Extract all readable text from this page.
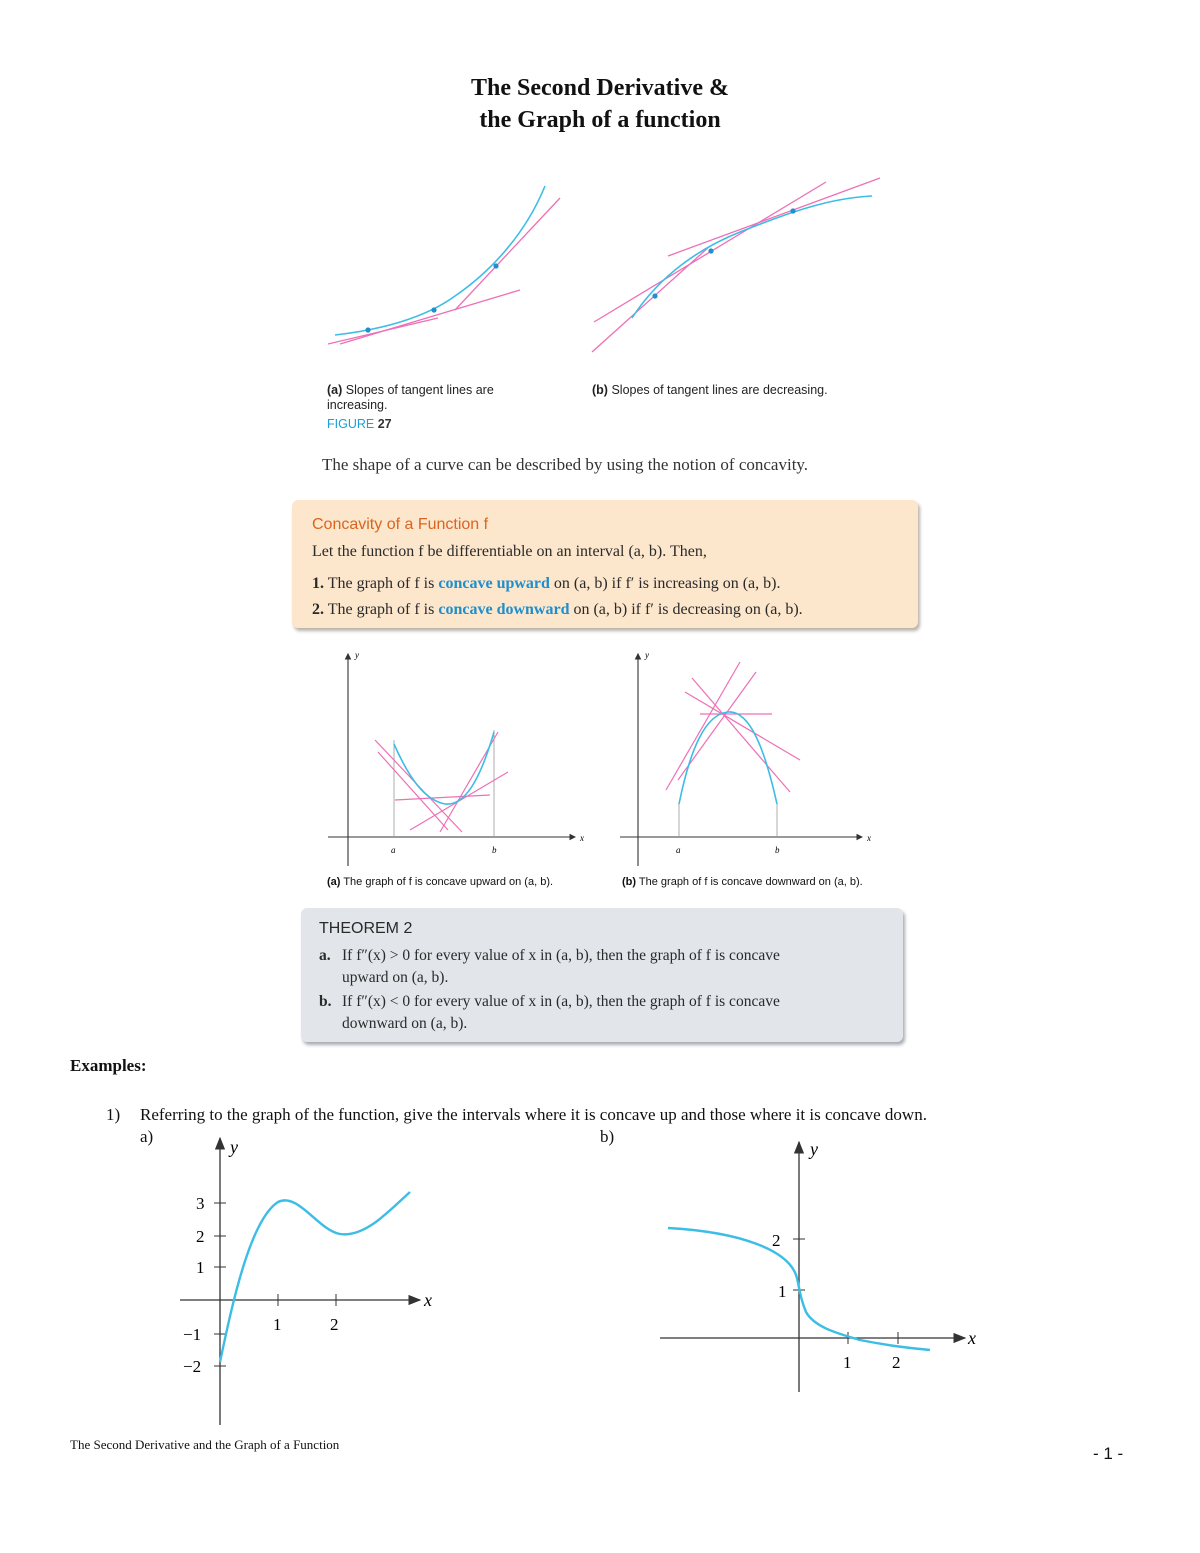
The Second Derivative &
the Graph of a function
(a) Slopes of tangent lines are
increasing.
(b) Slopes of tangent lines are decreasing.
FIGURE 27
The shape of a curve can be described by using the notion of concavity.
Concavity of a Function f
Let the function f be differentiable on an interval (a, b). Then,
1. The graph of f is concave upward on (a, b) if f′ is increasing on (a, b).
2. The graph of f is concave downward on (a, b) if f′ is decreasing on (a, b).
y
x
a	b
y
x
a	b
(a) The graph of f is concave upward on (a, b).	(b) The graph of f is concave downward on (a, b).
THEOREM 2
a. If f″(x) > 0 for every value of x in (a, b), then the graph of f is concave
upward on (a, b).
b. If f″(x) < 0 for every value of x in (a, b), then the graph of f is concave
downward on (a, b).
Examples:
1) Referring to the graph of the function, give the intervals where it is concave up and those where it is concave down.
a)	b)
y
x
3
2
1
−1
−2
1	2
y
x
2
1
1 2
The Second Derivative and the Graph of a Function	- 1 -
